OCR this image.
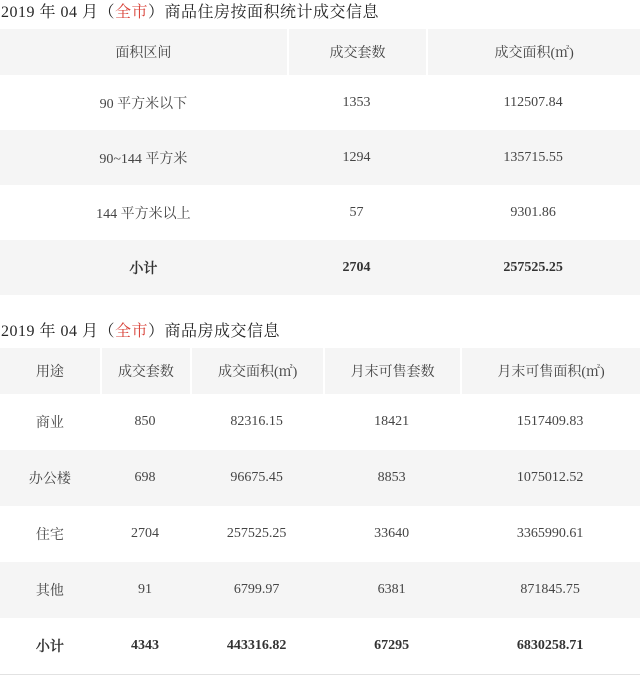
2019 年 04 月（全市）商品住房按面积统计成交信息
面积区间	成交套数	成交面积(㎡)
90 平方米以下	1353	112507.84
90~144 平方米	1294	135715.55
144 平方米以上	57	9301.86
小计	2704	257525.25
2019 年 04 月（全市）商品房成交信息
用途	成交套数	成交面积(㎡)	月末可售套数	月末可售面积(㎡)
商业	850	82316.15	18421	1517409.83
办公楼	698	96675.45	8853	1075012.52
住宅	2704	257525.25	33640	3365990.61
其他	91	6799.97	6381	871845.75
小计	4343	443316.82	67295	6830258.71
